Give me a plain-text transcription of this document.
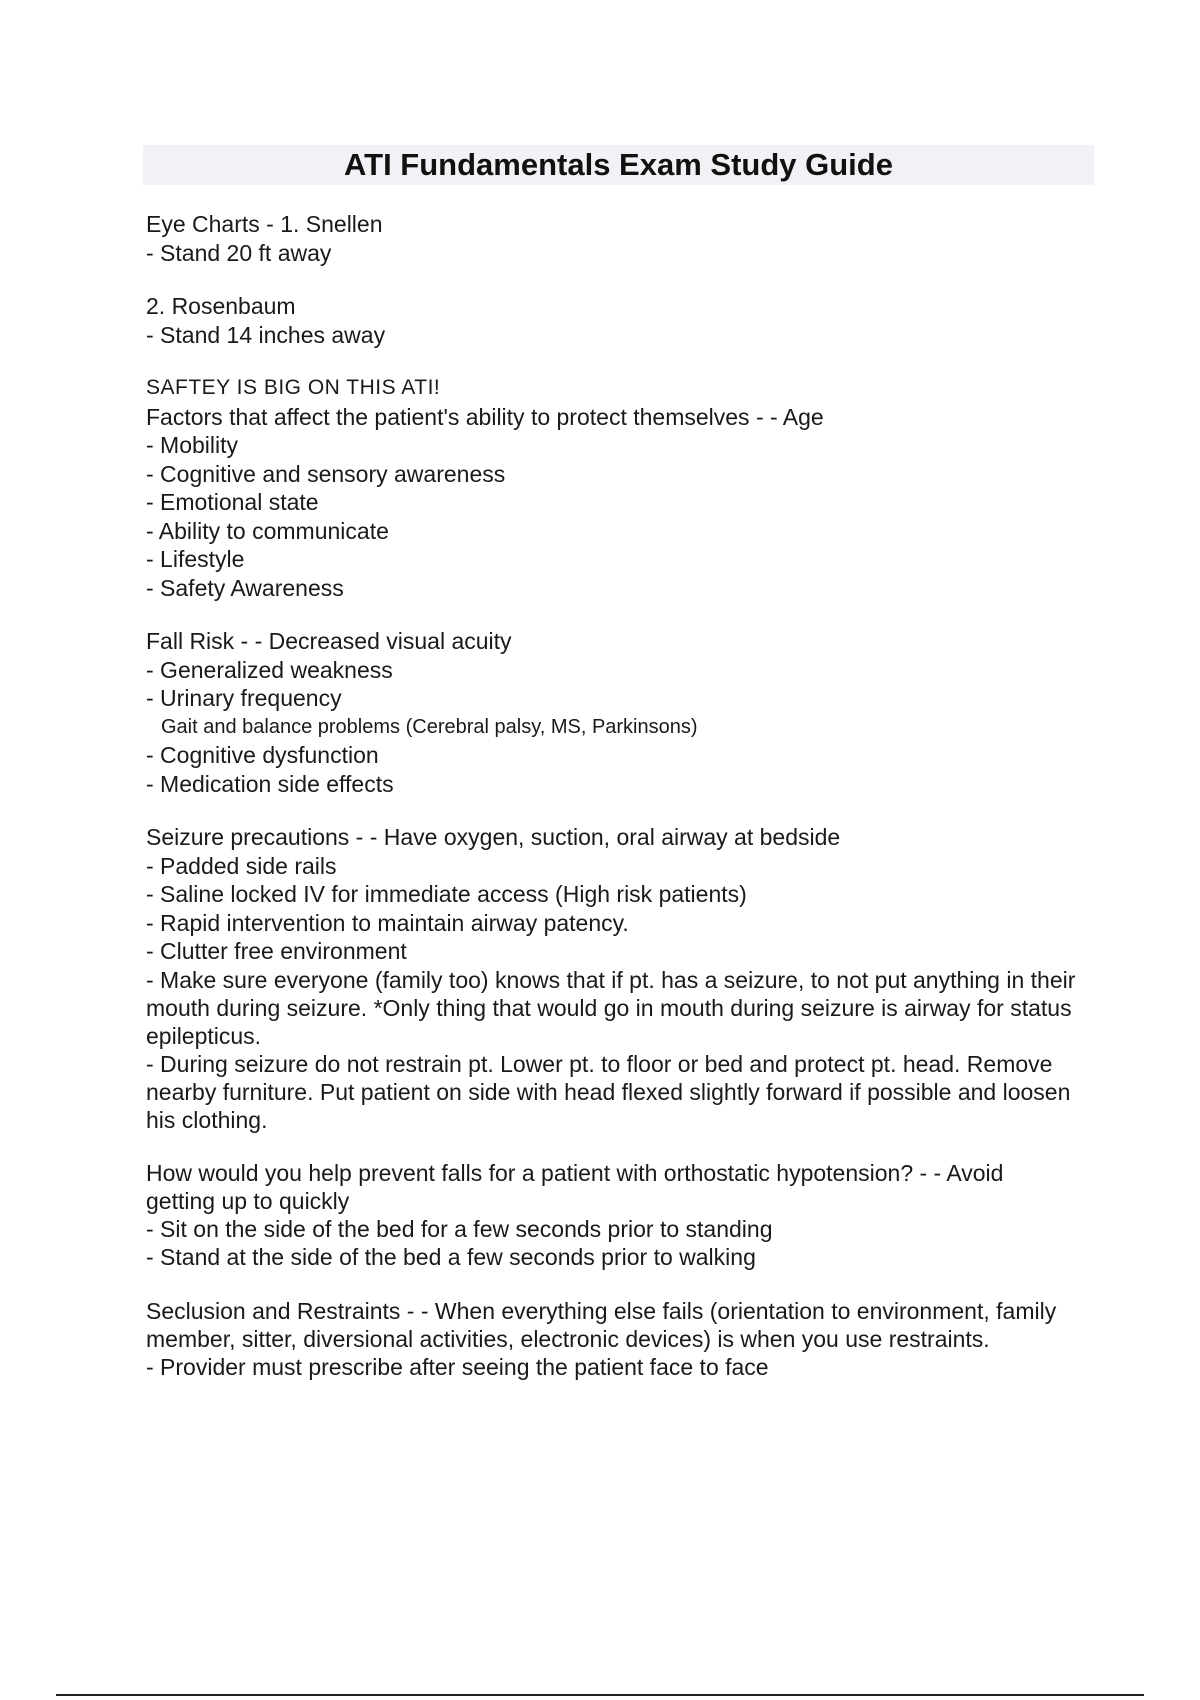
ATI Fundamentals Exam Study Guide
Eye Charts - 1. Snellen
- Stand 20 ft away
2. Rosenbaum
- Stand 14 inches away
SAFTEY IS BIG ON THIS ATI!
Factors that affect the patient's ability to protect themselves - - Age
- Mobility
- Cognitive and sensory awareness
- Emotional state
- Ability to communicate
- Lifestyle
- Safety Awareness
Fall Risk - - Decreased visual acuity
- Generalized weakness
- Urinary frequency
Gait and balance problems (Cerebral palsy, MS, Parkinsons)
- Cognitive dysfunction
- Medication side effects
Seizure precautions - - Have oxygen, suction, oral airway at bedside
- Padded side rails
- Saline locked IV for immediate access (High risk patients)
- Rapid intervention to maintain airway patency.
- Clutter free environment
- Make sure everyone (family too) knows that if pt. has a seizure, to not put anything in their mouth during seizure. *Only thing that would go in mouth during seizure is airway for status epilepticus.
- During seizure do not restrain pt. Lower pt. to floor or bed and protect pt. head. Remove nearby furniture. Put patient on side with head flexed slightly forward if possible and loosen his clothing.
How would you help prevent falls for a patient with orthostatic hypotension? - - Avoid getting up to quickly
- Sit on the side of the bed for a few seconds prior to standing
- Stand at the side of the bed a few seconds prior to walking
Seclusion and Restraints - - When everything else fails (orientation to environment, family member, sitter, diversional activities, electronic devices) is when you use restraints.
- Provider must prescribe after seeing the patient face to face
